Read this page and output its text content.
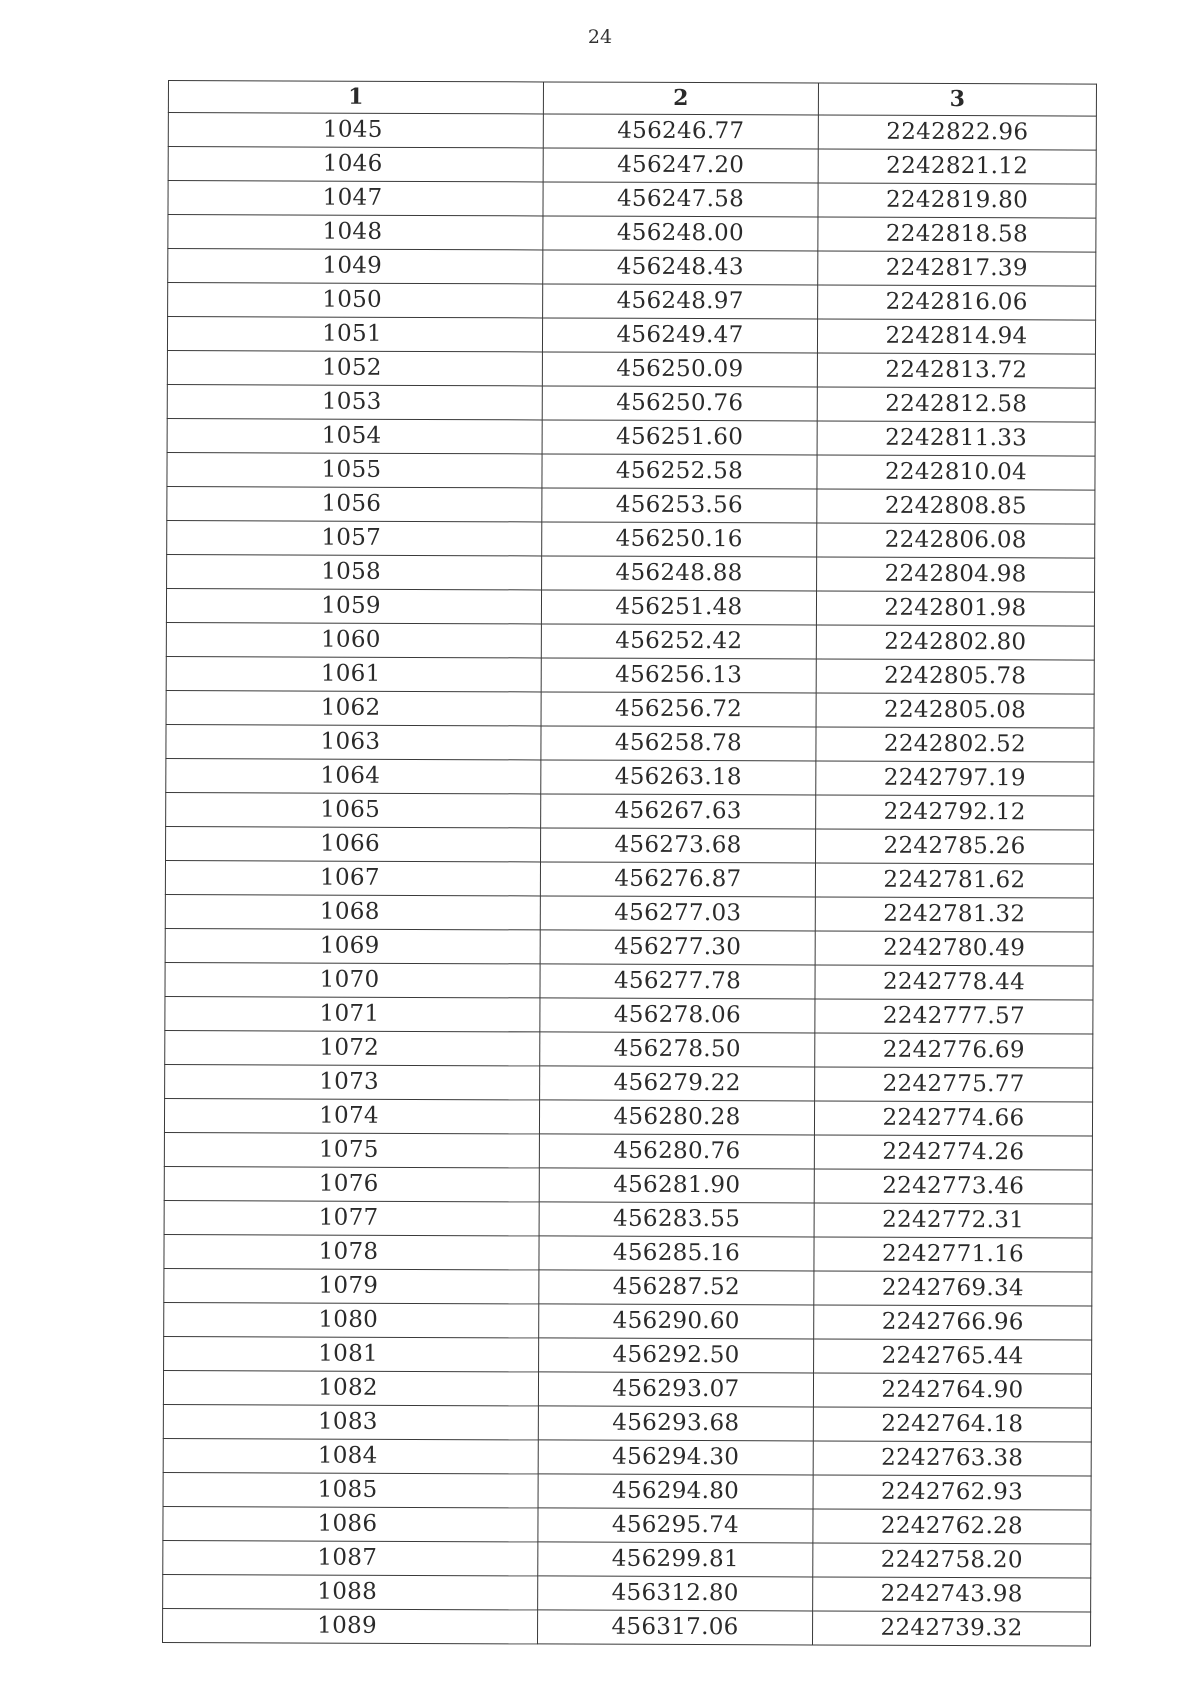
24
1	2	3
1045	456246.77	2242822.96
1046	456247.20	2242821.12
1047	456247.58	2242819.80
1048	456248.00	2242818.58
1049	456248.43	2242817.39
1050	456248.97	2242816.06
1051	456249.47	2242814.94
1052	456250.09	2242813.72
1053	456250.76	2242812.58
1054	456251.60	2242811.33
1055	456252.58	2242810.04
1056	456253.56	2242808.85
1057	456250.16	2242806.08
1058	456248.88	2242804.98
1059	456251.48	2242801.98
1060	456252.42	2242802.80
1061	456256.13	2242805.78
1062	456256.72	2242805.08
1063	456258.78	2242802.52
1064	456263.18	2242797.19
1065	456267.63	2242792.12
1066	456273.68	2242785.26
1067	456276.87	2242781.62
1068	456277.03	2242781.32
1069	456277.30	2242780.49
1070	456277.78	2242778.44
1071	456278.06	2242777.57
1072	456278.50	2242776.69
1073	456279.22	2242775.77
1074	456280.28	2242774.66
1075	456280.76	2242774.26
1076	456281.90	2242773.46
1077	456283.55	2242772.31
1078	456285.16	2242771.16
1079	456287.52	2242769.34
1080	456290.60	2242766.96
1081	456292.50	2242765.44
1082	456293.07	2242764.90
1083	456293.68	2242764.18
1084	456294.30	2242763.38
1085	456294.80	2242762.93
1086	456295.74	2242762.28
1087	456299.81	2242758.20
1088	456312.80	2242743.98
1089	456317.06	2242739.32
